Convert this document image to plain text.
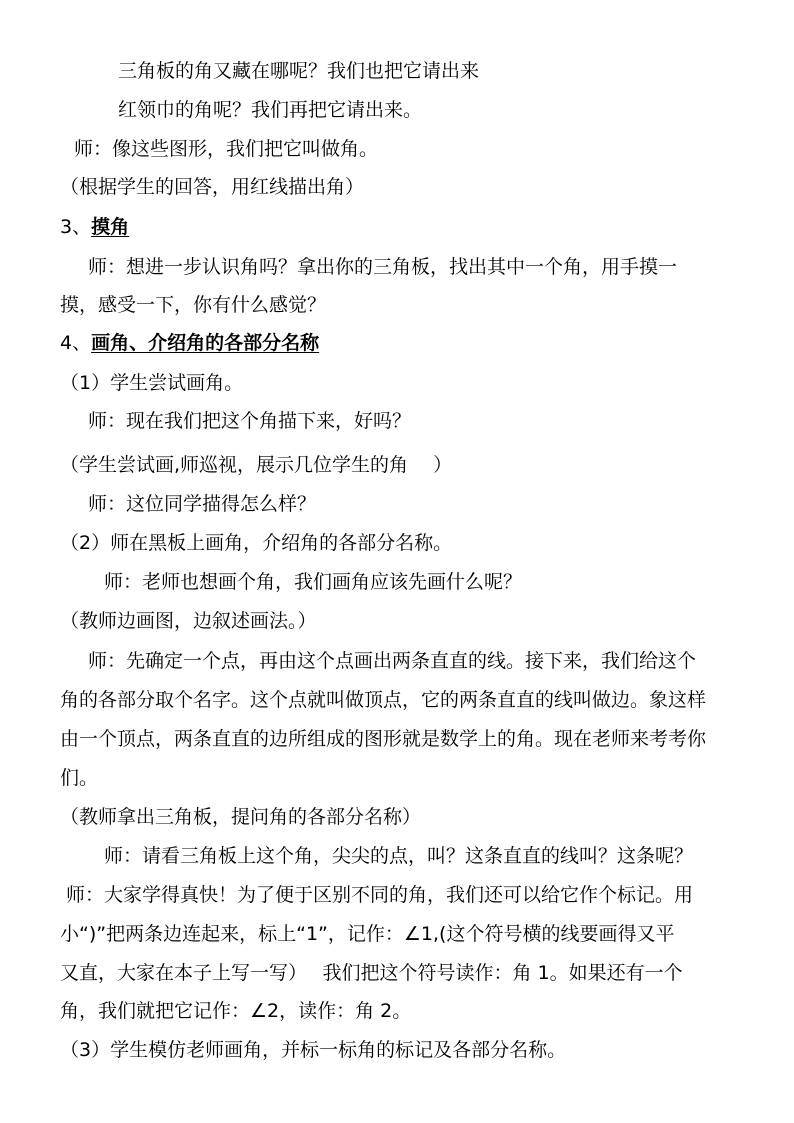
三角板的角又藏在哪呢？我们也把它请出来
红领巾的角呢？我们再把它请出来。
师：像这些图形，我们把它叫做角。
（根据学生的回答，用红线描出角）
3、摸角
师：想进一步认识角吗？拿出你的三角板，找出其中一个角，用手摸一
摸，感受一下，你有什么感觉？
4、画角、介绍角的各部分名称
（1）学生尝试画角。
师：现在我们把这个角描下来，好吗？
（学生尝试画,师巡视，展示几位学生的角　 ）
师：这位同学描得怎么样？
（2）师在黑板上画角，介绍角的各部分名称。
师：老师也想画个角，我们画角应该先画什么呢？
（教师边画图，边叙述画法。）
师：先确定一个点，再由这个点画出两条直直的线。接下来，我们给这个
角的各部分取个名字。这个点就叫做顶点，它的两条直直的线叫做边。象这样
由一个顶点，两条直直的边所组成的图形就是数学上的角。现在老师来考考你
们。
（教师拿出三角板，提问角的各部分名称）
师：请看三角板上这个角，尖尖的点，叫？这条直直的线叫？这条呢？
师：大家学得真快！为了便于区别不同的角，我们还可以给它作个标记。用
小“)”把两条边连起来，标上“1”，记作：∠1,(这个符号横的线要画得又平
又直，大家在本子上写一写）　 我们把这个符号读作：角 1。如果还有一个
角，我们就把它记作：∠2，读作：角 2。
（3）学生模仿老师画角，并标一标角的标记及各部分名称。
